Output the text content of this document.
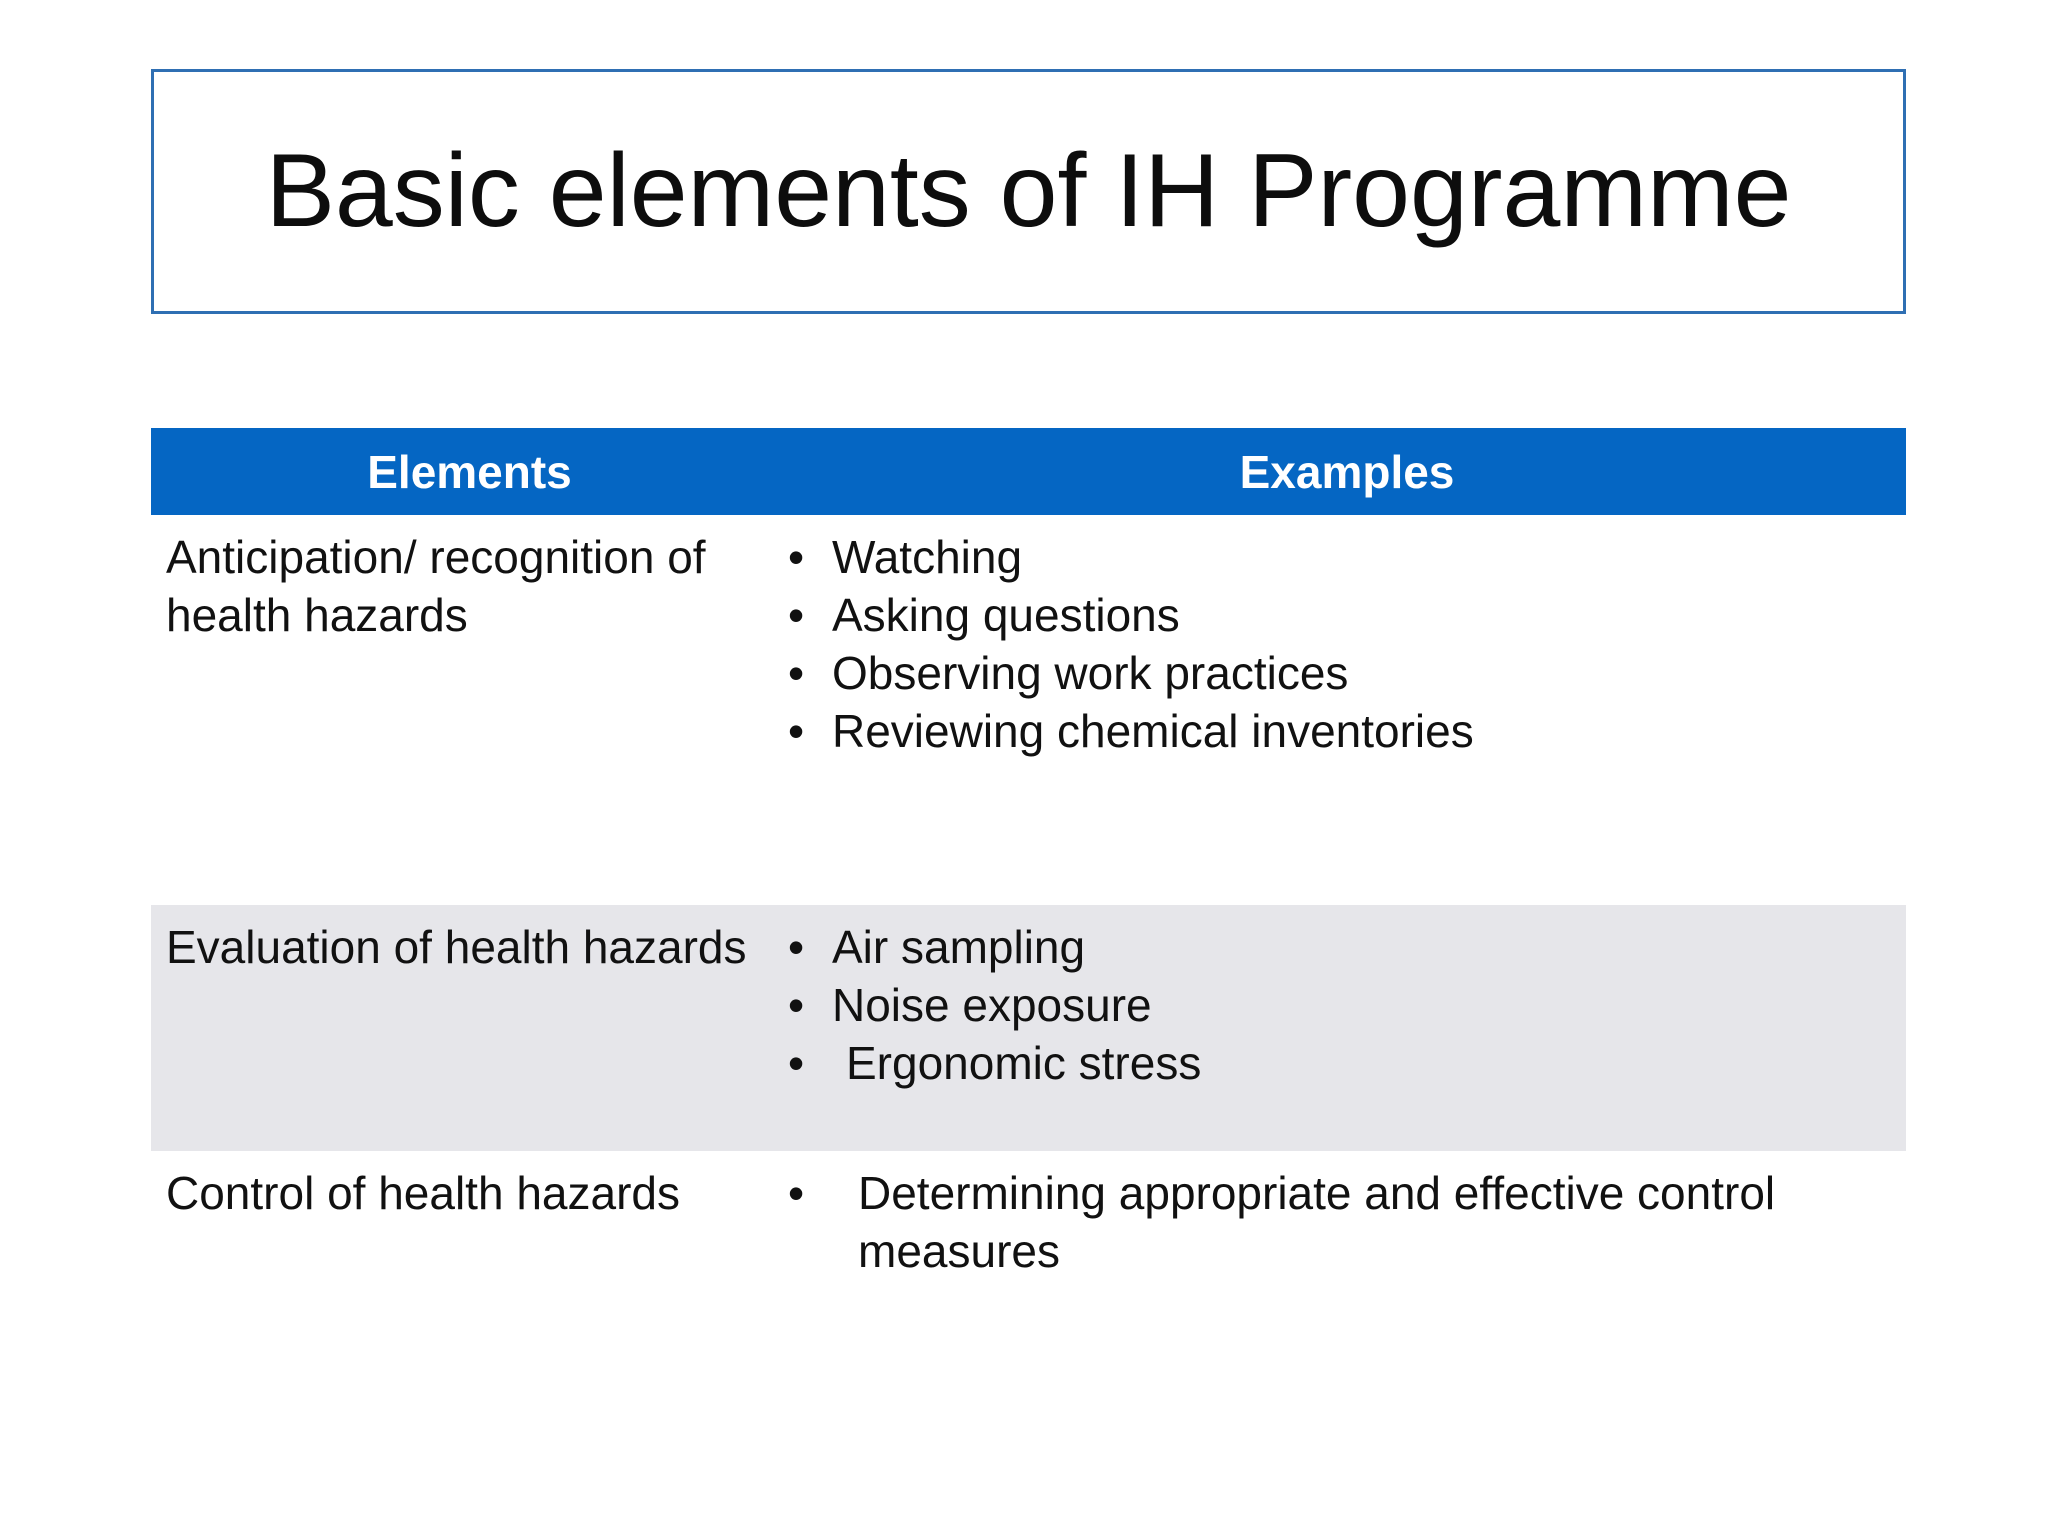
Basic elements of IH Programme
Elements	Examples
Anticipation/ recognition of health hazards
• Watching
• Asking questions
• Observing work practices
• Reviewing chemical inventories
Evaluation of health hazards • Air sampling
• Noise exposure
• Ergonomic stress
Control of health hazards	•	Determining appropriate and effective control measures
